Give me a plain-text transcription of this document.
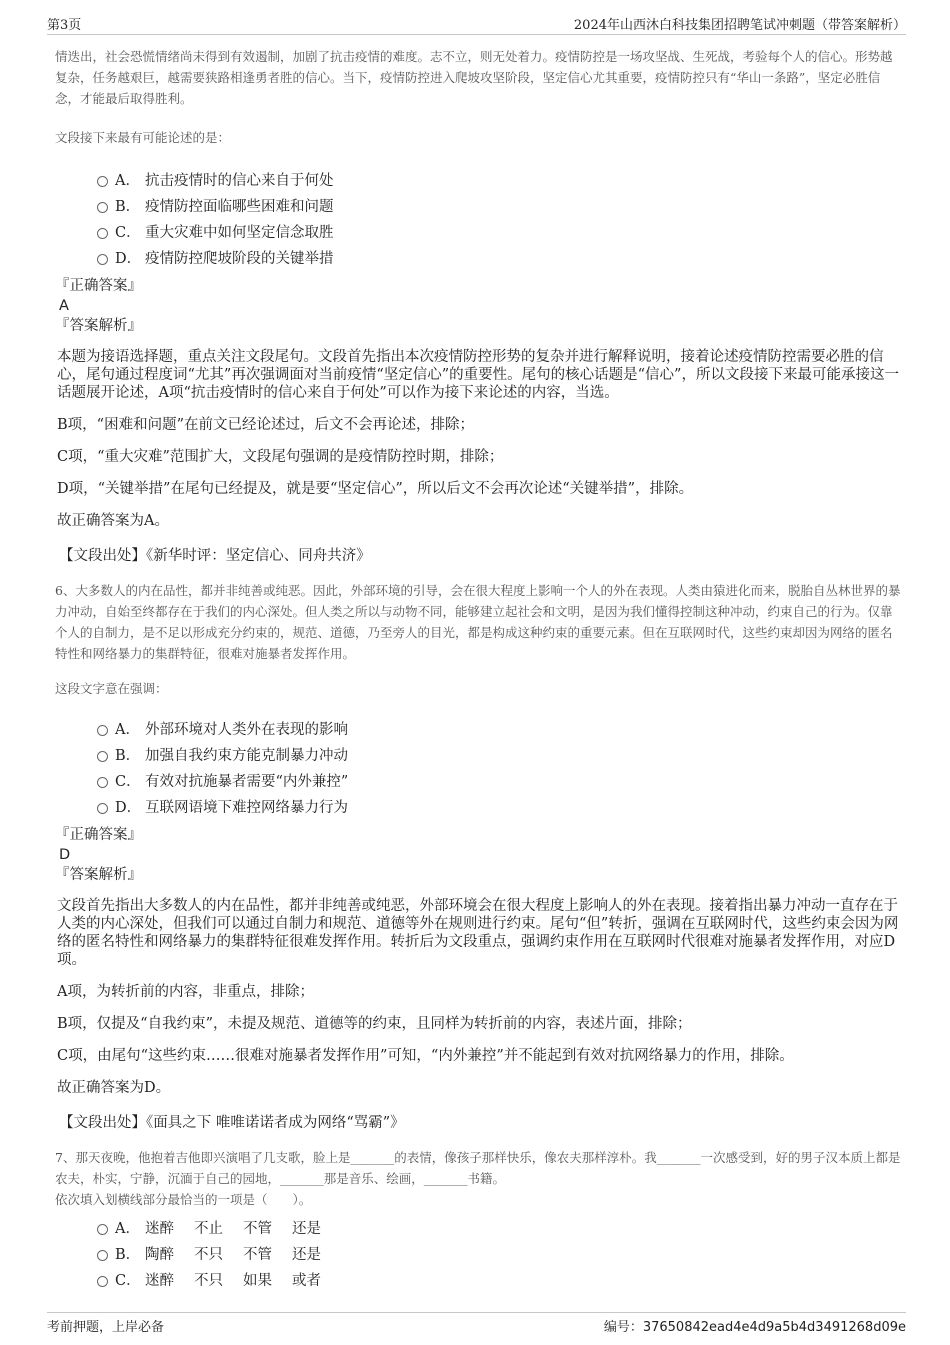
第3页	2024年山西沐白科技集团招聘笔试冲刺题（带答案解析）

情迭出，社会恐慌情绪尚未得到有效遏制，加剧了抗击疫情的难度。志不立，则无处着力。疫情防控是一场攻坚战、生死战，考验每个人的信心。形势越复杂，任务越艰巨，越需要狭路相逢勇者胜的信心。当下，疫情防控进入爬坡攻坚阶段，坚定信心尤其重要，疫情防控只有“华山一条路”，坚定必胜信念，才能最后取得胜利。

文段接下来最有可能论述的是：

A． 抗击疫情时的信心来自于何处
B． 疫情防控面临哪些困难和问题
C． 重大灾难中如何坚定信念取胜
D． 疫情防控爬坡阶段的关键举措

『正确答案』

A

『答案解析』

本题为接语选择题，重点关注文段尾句。文段首先指出本次疫情防控形势的复杂并进行解释说明，接着论述疫情防控需要必胜的信心，尾句通过程度词“尤其”再次强调面对当前疫情“坚定信心”的重要性。尾句的核心话题是“信心”，所以文段接下来最可能承接这一话题展开论述，A项“抗击疫情时的信心来自于何处”可以作为接下来论述的内容，当选。

B项，“困难和问题”在前文已经论述过，后文不会再论述，排除；

C项，“重大灾难”范围扩大，文段尾句强调的是疫情防控时期，排除；

D项，“关键举措”在尾句已经提及，就是要“坚定信心”，所以后文不会再次论述“关键举措”，排除。

故正确答案为A。

【文段出处】《新华时评：坚定信心、同舟共济》

6、大多数人的内在品性，都并非纯善或纯恶。因此，外部环境的引导，会在很大程度上影响一个人的外在表现。人类由猿进化而来，脱胎自丛林世界的暴力冲动，自始至终都存在于我们的内心深处。但人类之所以与动物不同，能够建立起社会和文明，是因为我们懂得控制这种冲动，约束自己的行为。仅靠个人的自制力，是不足以形成充分约束的，规范、道德，乃至旁人的目光，都是构成这种约束的重要元素。但在互联网时代，这些约束却因为网络的匿名特性和网络暴力的集群特征，很难对施暴者发挥作用。

这段文字意在强调：

A． 外部环境对人类外在表现的影响
B． 加强自我约束方能克制暴力冲动
C． 有效对抗施暴者需要“内外兼控”
D． 互联网语境下难控网络暴力行为

『正确答案』

D

『答案解析』

文段首先指出大多数人的内在品性，都并非纯善或纯恶，外部环境会在很大程度上影响人的外在表现。接着指出暴力冲动一直存在于人类的内心深处，但我们可以通过自制力和规范、道德等外在规则进行约束。尾句“但”转折，强调在互联网时代，这些约束会因为网络的匿名特性和网络暴力的集群特征很难发挥作用。转折后为文段重点，强调约束作用在互联网时代很难对施暴者发挥作用，对应D项。

A项，为转折前的内容，非重点，排除；

B项，仅提及“自我约束”，未提及规范、道德等的约束，且同样为转折前的内容，表述片面，排除；

C项，由尾句“这些约束……很难对施暴者发挥作用”可知，“内外兼控”并不能起到有效对抗网络暴力的作用，排除。

故正确答案为D。

【文段出处】《面具之下 唯唯诺诺者成为网络“骂霸”》

7、那天夜晚，他抱着吉他即兴演唱了几支歌，脸上是_______的表情，像孩子那样快乐，像农夫那样淳朴。我_______一次感受到，好的男子汉本质上都是农夫，朴实，宁静，沉湎于自己的园地，_______那是音乐、绘画，_______书籍。

依次填入划横线部分最恰当的一项是（　　）。

A． 迷醉 不止 不管 还是
B． 陶醉 不只 不管 还是
C． 迷醉 不只 如果 或者
考前押题，上岸必备	编号：37650842ead4e4d9a5b4d3491268d09e
